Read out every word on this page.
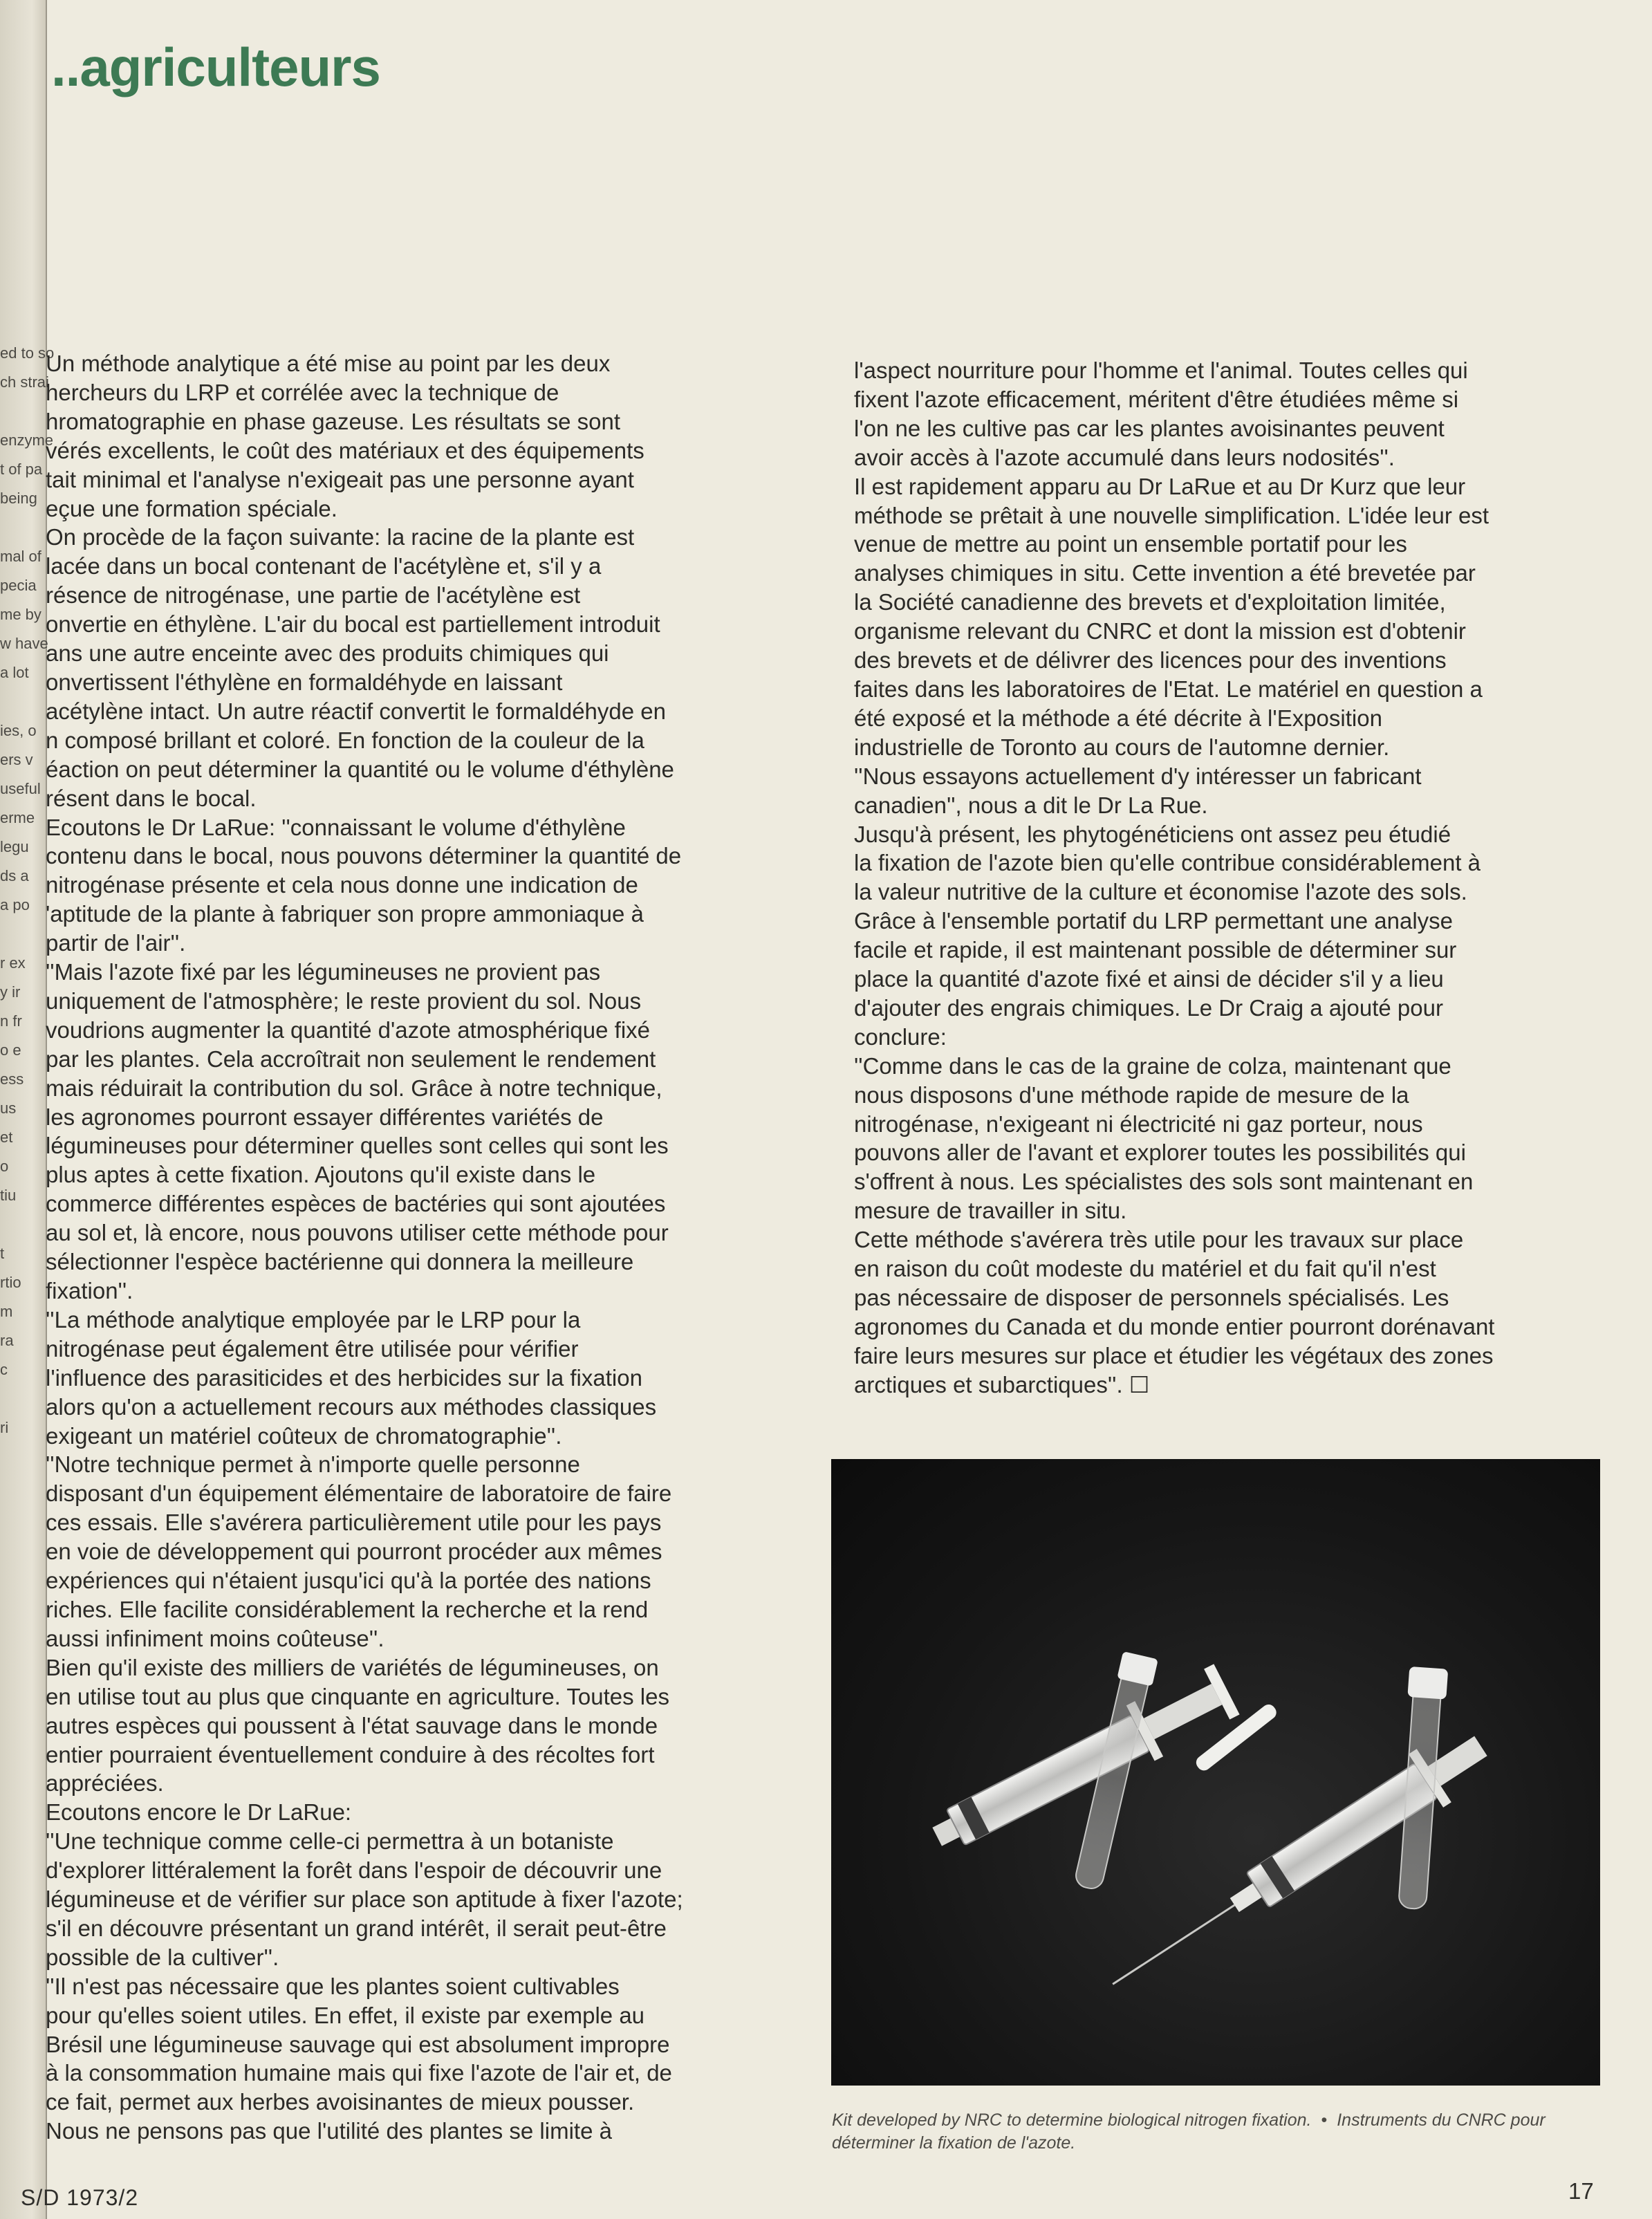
ed to so
ch strai
enzyme
t of pa
being
mal of
pecia
me by
w have
a lot
ies, o
ers v
useful
erme
legu
ds a
a po
r ex
y ir
n fr
o e
ess
us
et
o
tiu
t
rtio
m
ra
c
ri
..agriculteurs

Un méthode analytique a été mise au point par les deux
hercheurs du LRP et corrélée avec la technique de
hromatographie en phase gazeuse. Les résultats se sont
vérés excellents, le coût des matériaux et des équipements
tait minimal et l'analyse n'exigeait pas une personne ayant
eçue une formation spéciale.

On procède de la façon suivante: la racine de la plante est
lacée dans un bocal contenant de l'acétylène et, s'il y a
résence de nitrogénase, une partie de l'acétylène est
onvertie en éthylène. L'air du bocal est partiellement introduit
ans une autre enceinte avec des produits chimiques qui
onvertissent l'éthylène en formaldéhyde en laissant
acétylène intact. Un autre réactif convertit le formaldéhyde en
n composé brillant et coloré. En fonction de la couleur de la
éaction on peut déterminer la quantité ou le volume d'éthylène
résent dans le bocal.

Ecoutons le Dr LaRue: ''connaissant le volume d'éthylène
contenu dans le bocal, nous pouvons déterminer la quantité de
nitrogénase présente et cela nous donne une indication de
'aptitude de la plante à fabriquer son propre ammoniaque à
partir de l'air''.

''Mais l'azote fixé par les légumineuses ne provient pas
uniquement de l'atmosphère; le reste provient du sol. Nous
voudrions augmenter la quantité d'azote atmosphérique fixé
par les plantes. Cela accroîtrait non seulement le rendement
mais réduirait la contribution du sol. Grâce à notre technique,
les agronomes pourront essayer différentes variétés de
légumineuses pour déterminer quelles sont celles qui sont les
plus aptes à cette fixation. Ajoutons qu'il existe dans le
commerce différentes espèces de bactéries qui sont ajoutées
au sol et, là encore, nous pouvons utiliser cette méthode pour
sélectionner l'espèce bactérienne qui donnera la meilleure
fixation''.

''La méthode analytique employée par le LRP pour la
nitrogénase peut également être utilisée pour vérifier
l'influence des parasiticides et des herbicides sur la fixation
alors qu'on a actuellement recours aux méthodes classiques
exigeant un matériel coûteux de chromatographie''.

''Notre technique permet à n'importe quelle personne
disposant d'un équipement élémentaire de laboratoire de faire
ces essais. Elle s'avérera particulièrement utile pour les pays
en voie de développement qui pourront procéder aux mêmes
expériences qui n'étaient jusqu'ici qu'à la portée des nations
riches. Elle facilite considérablement la recherche et la rend
aussi infiniment moins coûteuse''.

Bien qu'il existe des milliers de variétés de légumineuses, on
en utilise tout au plus que cinquante en agriculture. Toutes les
autres espèces qui poussent à l'état sauvage dans le monde
entier pourraient éventuellement conduire à des récoltes fort
appréciées.

Ecoutons encore le Dr LaRue:

''Une technique comme celle-ci permettra à un botaniste
d'explorer littéralement la forêt dans l'espoir de découvrir une
légumineuse et de vérifier sur place son aptitude à fixer l'azote;
s'il en découvre présentant un grand intérêt, il serait peut-être
possible de la cultiver''.

''Il n'est pas nécessaire que les plantes soient cultivables
pour qu'elles soient utiles. En effet, il existe par exemple au
Brésil une légumineuse sauvage qui est absolument impropre
à la consommation humaine mais qui fixe l'azote de l'air et, de
ce fait, permet aux herbes avoisinantes de mieux pousser.
Nous ne pensons pas que l'utilité des plantes se limite à

l'aspect nourriture pour l'homme et l'animal. Toutes celles qui
fixent l'azote efficacement, méritent d'être étudiées même si
l'on ne les cultive pas car les plantes avoisinantes peuvent
avoir accès à l'azote accumulé dans leurs nodosités''.

Il est rapidement apparu au Dr LaRue et au Dr Kurz que leur
méthode se prêtait à une nouvelle simplification. L'idée leur est
venue de mettre au point un ensemble portatif pour les
analyses chimiques in situ. Cette invention a été brevetée par
la Société canadienne des brevets et d'exploitation limitée,
organisme relevant du CNRC et dont la mission est d'obtenir
des brevets et de délivrer des licences pour des inventions
faites dans les laboratoires de l'Etat. Le matériel en question a
été exposé et la méthode a été décrite à l'Exposition
industrielle de Toronto au cours de l'automne dernier.

''Nous essayons actuellement d'y intéresser un fabricant
canadien'', nous a dit le Dr La Rue.

Jusqu'à présent, les phytogénéticiens ont assez peu étudié
la fixation de l'azote bien qu'elle contribue considérablement à
la valeur nutritive de la culture et économise l'azote des sols.
Grâce à l'ensemble portatif du LRP permettant une analyse
facile et rapide, il est maintenant possible de déterminer sur
place la quantité d'azote fixé et ainsi de décider s'il y a lieu
d'ajouter des engrais chimiques. Le Dr Craig a ajouté pour
conclure:

''Comme dans le cas de la graine de colza, maintenant que
nous disposons d'une méthode rapide de mesure de la
nitrogénase, n'exigeant ni électricité ni gaz porteur, nous
pouvons aller de l'avant et explorer toutes les possibilités qui
s'offrent à nous. Les spécialistes des sols sont maintenant en
mesure de travailler in situ.

Cette méthode s'avérera très utile pour les travaux sur place
en raison du coût modeste du matériel et du fait qu'il n'est
pas nécessaire de disposer de personnels spécialisés. Les
agronomes du Canada et du monde entier pourront dorénavant
faire leurs mesures sur place et étudier les végétaux des zones
arctiques et subarctiques''. ☐

Kit developed by NRC to determine biological nitrogen fixation. • Instruments du CNRC pour déterminer la fixation de l'azote.
S/D 1973/2	17
